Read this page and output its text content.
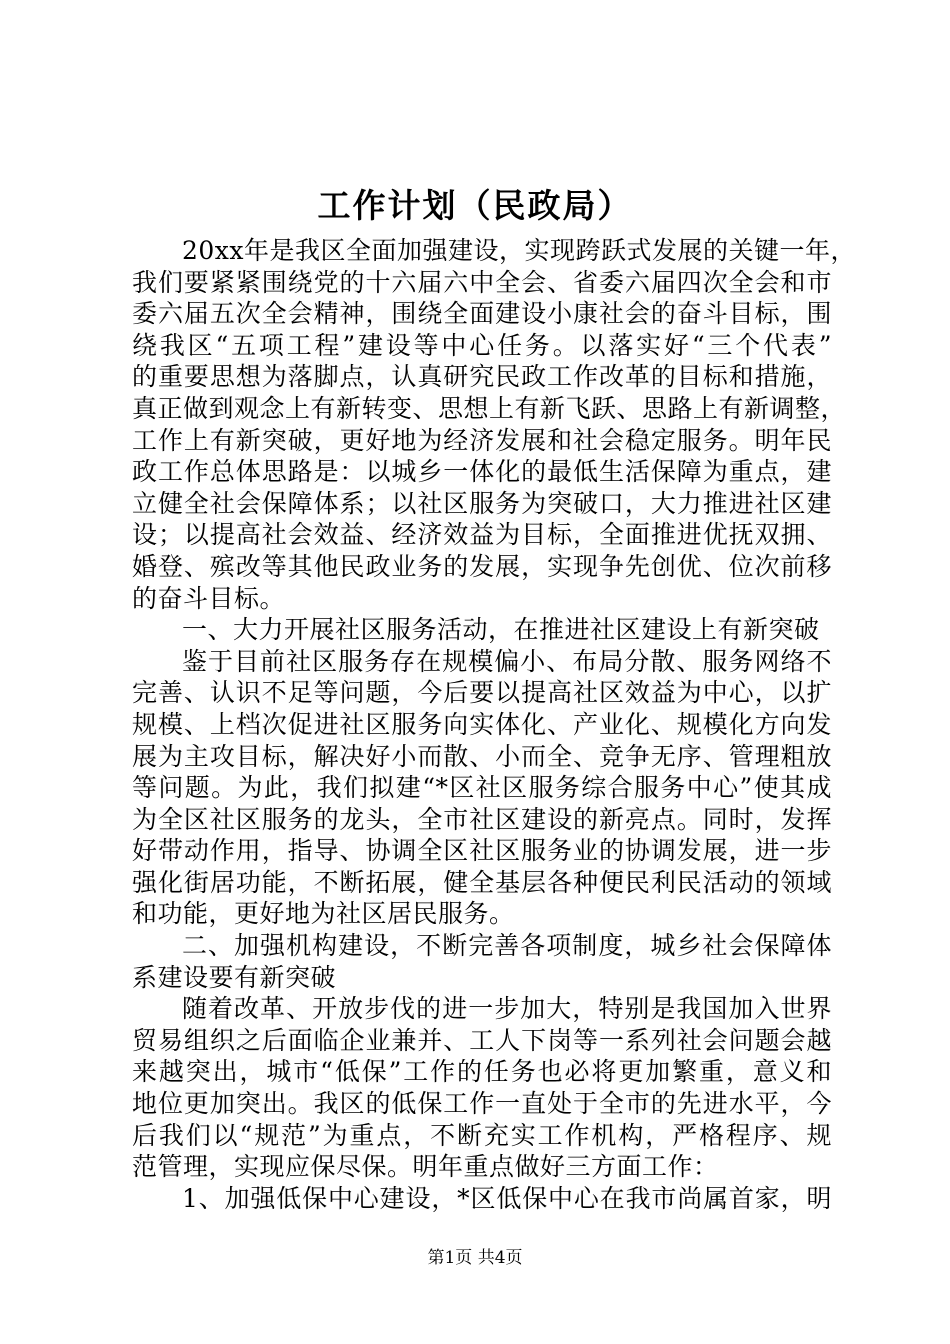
工作计划（民政局）
20xx年是我区全面加强建设，实现跨跃式发展的关键一年，
我们要紧紧围绕党的十六届六中全会、省委六届四次全会和市
委六届五次全会精神，围绕全面建设小康社会的奋斗目标，围
绕我区“五项工程”建设等中心任务。以落实好“三个代表”
的重要思想为落脚点，认真研究民政工作改革的目标和措施，
真正做到观念上有新转变、思想上有新飞跃、思路上有新调整，
工作上有新突破，更好地为经济发展和社会稳定服务。明年民
政工作总体思路是：以城乡一体化的最低生活保障为重点，建
立健全社会保障体系；以社区服务为突破口，大力推进社区建
设；以提高社会效益、经济效益为目标，全面推进优抚双拥、
婚登、殡改等其他民政业务的发展，实现争先创优、位次前移
的奋斗目标。
一、大力开展社区服务活动，在推进社区建设上有新突破
鉴于目前社区服务存在规模偏小、布局分散、服务网络不
完善、认识不足等问题，今后要以提高社区效益为中心，以扩
规模、上档次促进社区服务向实体化、产业化、规模化方向发
展为主攻目标，解决好小而散、小而全、竞争无序、管理粗放
等问题。为此，我们拟建“*区社区服务综合服务中心”使其成
为全区社区服务的龙头，全市社区建设的新亮点。同时，发挥
好带动作用，指导、协调全区社区服务业的协调发展，进一步
强化街居功能，不断拓展，健全基层各种便民利民活动的领域
和功能，更好地为社区居民服务。
二、加强机构建设，不断完善各项制度，城乡社会保障体
系建设要有新突破
随着改革、开放步伐的进一步加大，特别是我国加入世界
贸易组织之后面临企业兼并、工人下岗等一系列社会问题会越
来越突出，城市“低保”工作的任务也必将更加繁重，意义和
地位更加突出。我区的低保工作一直处于全市的先进水平，今
后我们以“规范”为重点，不断充实工作机构，严格程序、规
范管理，实现应保尽保。明年重点做好三方面工作：
1、加强低保中心建设，*区低保中心在我市尚属首家，明
第1页 共4页
